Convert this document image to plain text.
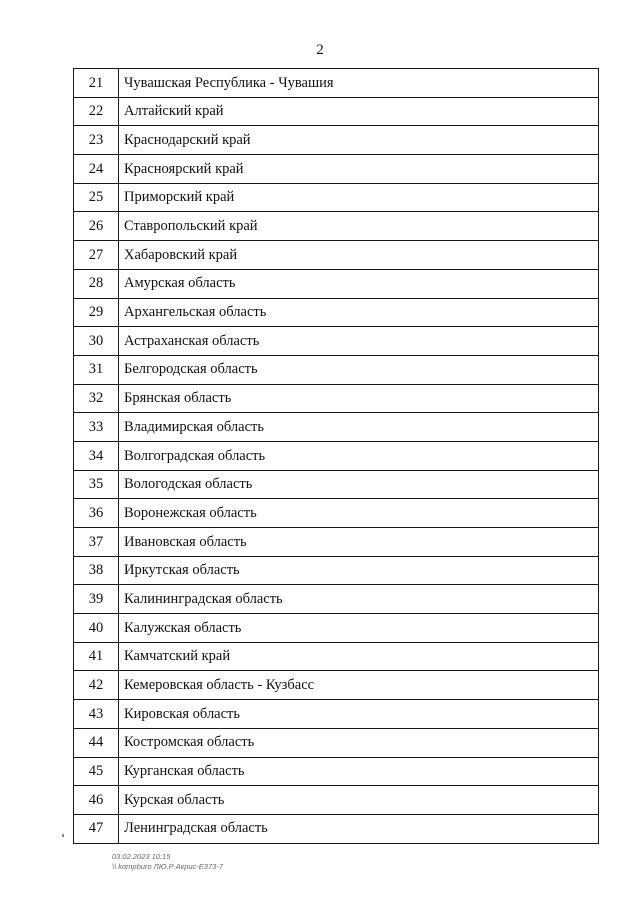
2
21	Чувашская Республика - Чувашия
22	Алтайский край
23	Краснодарский край
24	Красноярский край
25	Приморский край
26	Ставропольский край
27	Хабаровский край
28	Амурская область
29	Архангельская область
30	Астраханская область
31	Белгородская область
32	Брянская область
33	Владимирская область
34	Волгоградская область
35	Вологодская область
36	Воронежская область
37	Ивановская область
38	Иркутская область
39	Калининградская область
40	Калужская область
41	Камчатский край
42	Кемеровская область - Кузбасс
43	Кировская область
44	Костромская область
45	Курганская область
46	Курская область
47	Ленинградская область
03.02.2023 10:15
\\ kompburo ЛЮ.Р Акрис-Е373-7
